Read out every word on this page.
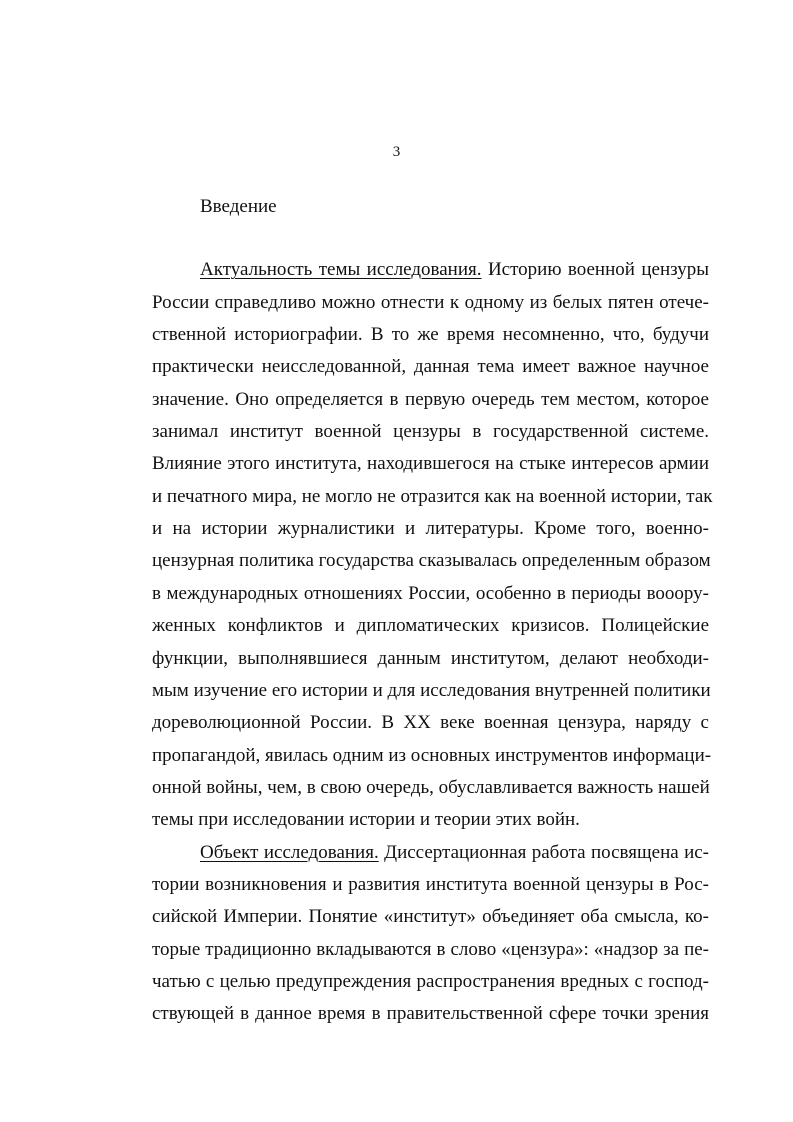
3
Введение
Актуальность темы исследования. Историю военной цензуры
России справедливо можно отнести к одному из белых пятен отече-
ственной историографии. В то же время несомненно, что, будучи
практически неисследованной, данная тема имеет важное научное
значение. Оно определяется в первую очередь тем местом, которое
занимал институт военной цензуры в государственной системе.
Влияние этого института, находившегося на стыке интересов армии
и печатного мира, не могло не отразится как на военной истории, так
и на истории журналистики и литературы. Кроме того, военно-
цензурная политика государства сказывалась определенным образом
в международных отношениях России, особенно в периоды вооору-
женных конфликтов и дипломатических кризисов. Полицейские
функции, выполнявшиеся данным институтом, делают необходи-
мым изучение его истории и для исследования внутренней политики
дореволюционной России. В XX веке военная цензура, наряду с
пропагандой, явилась одним из основных инструментов информаци-
онной войны, чем, в свою очередь, обуславливается важность нашей
темы при исследовании истории и теории этих войн.
Объект исследования. Диссертационная работа посвящена ис-
тории возникновения и развития института военной цензуры в Рос-
сийской Империи. Понятие «институт» объединяет оба смысла, ко-
торые традиционно вкладываются в слово «цензура»: «надзор за пе-
чатью с целью предупреждения распространения вредных с господ-
ствующей в данное время в правительственной сфере точки зрения
